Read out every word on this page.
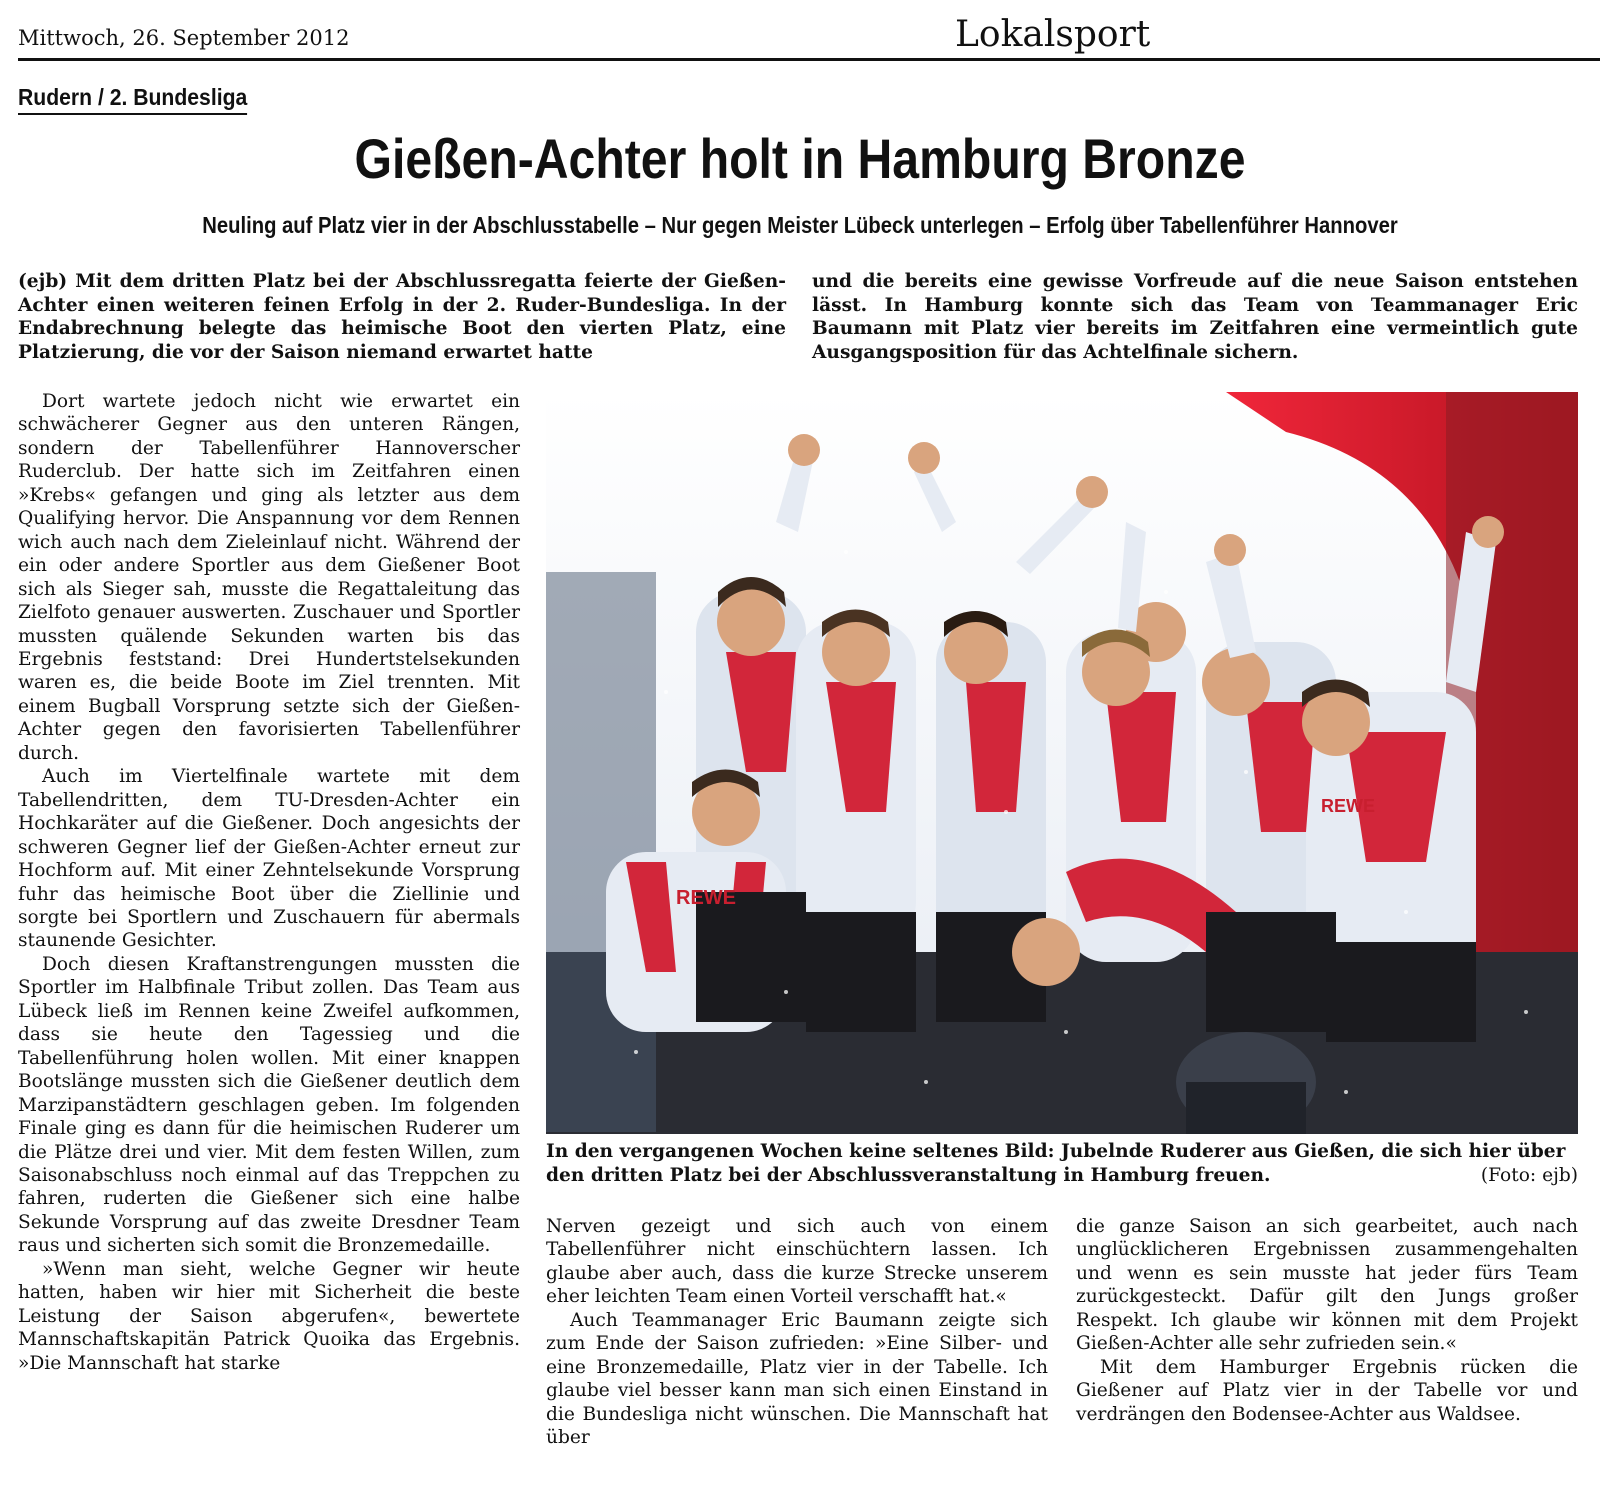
Mittwoch, 26. September 2012	Lokalsport
Rudern / 2. Bundesliga
Gießen-Achter holt in Hamburg Bronze
Neuling auf Platz vier in der Abschlusstabelle – Nur gegen Meister Lübeck unterlegen – Erfolg über Tabellenführer Hannover
(ejb) Mit dem dritten Platz bei der Abschlussregatta feierte der Gießen-Achter einen weiteren feinen Erfolg in der 2. Ruder-Bundesliga. In der Endabrechnung belegte das heimische Boot den vierten Platz, eine Platzierung, die vor der Saison niemand erwartet hatte
und die bereits eine gewisse Vorfreude auf die neue Saison entstehen lässt. In Hamburg konnte sich das Team von Teammanager Eric Baumann mit Platz vier bereits im Zeitfahren eine vermeintlich gute Ausgangsposition für das Achtelfinale sichern.

Dort wartete jedoch nicht wie erwartet ein schwächerer Gegner aus den unteren Rängen, sondern der Tabellenführer Hannoverscher Ruderclub. Der hatte sich im Zeitfahren einen »Krebs« gefangen und ging als letzter aus dem Qualifying hervor. Die Anspannung vor dem Rennen wich auch nach dem Zieleinlauf nicht. Während der ein oder andere Sportler aus dem Gießener Boot sich als Sieger sah, musste die Regattaleitung das Zielfoto genauer auswerten. Zuschauer und Sportler mussten quälende Sekunden warten bis das Ergebnis feststand: Drei Hundertstelsekunden waren es, die beide Boote im Ziel trennten. Mit einem Bugball Vorsprung setzte sich der Gießen-Achter gegen den favorisierten Tabellenführer durch.

Auch im Viertelfinale wartete mit dem Tabellendritten, dem TU-Dresden-Achter ein Hochkaräter auf die Gießener. Doch angesichts der schweren Gegner lief der Gießen-Achter erneut zur Hochform auf. Mit einer Zehntelsekunde Vorsprung fuhr das heimische Boot über die Ziellinie und sorgte bei Sportlern und Zuschauern für abermals staunende Gesichter.

Doch diesen Kraftanstrengungen mussten die Sportler im Halbfinale Tribut zollen. Das Team aus Lübeck ließ im Rennen keine Zweifel aufkommen, dass sie heute den Tagessieg und die Tabellenführung holen wollen. Mit einer knappen Bootslänge mussten sich die Gießener deutlich dem Marzipanstädtern geschlagen geben. Im folgenden Finale ging es dann für die heimischen Ruderer um die Plätze drei und vier. Mit dem festen Willen, zum Saisonabschluss noch einmal auf das Treppchen zu fahren, ruderten die Gießener sich eine halbe Sekunde Vorsprung auf das zweite Dresdner Team raus und sicherten sich somit die Bronzemedaille.

»Wenn man sieht, welche Gegner wir heute hatten, haben wir hier mit Sicherheit die beste Leistung der Saison abgerufen«, bewertete Mannschaftskapitän Patrick Quoika das Ergebnis. »Die Mannschaft hat starke

REWE
REWE
In den vergangenen Wochen keine seltenes Bild: Jubelnde Ruderer aus Gießen, die sich hier über den dritten Platz bei der Abschlussveranstaltung in Hamburg freuen.	(Foto: ejb)

Nerven gezeigt und sich auch von einem Tabellenführer nicht einschüchtern lassen. Ich glaube aber auch, dass die kurze Strecke unserem eher leichten Team einen Vorteil verschafft hat.«

Auch Teammanager Eric Baumann zeigte sich zum Ende der Saison zufrieden: »Eine Silber- und eine Bronzemedaille, Platz vier in der Tabelle. Ich glaube viel besser kann man sich einen Einstand in die Bundesliga nicht wünschen. Die Mannschaft hat über

die ganze Saison an sich gearbeitet, auch nach unglücklicheren Ergebnissen zusammengehalten und wenn es sein musste hat jeder fürs Team zurückgesteckt. Dafür gilt den Jungs großer Respekt. Ich glaube wir können mit dem Projekt Gießen-Achter alle sehr zufrieden sein.«

Mit dem Hamburger Ergebnis rücken die Gießener auf Platz vier in der Tabelle vor und verdrängen den Bodensee-Achter aus Waldsee.
